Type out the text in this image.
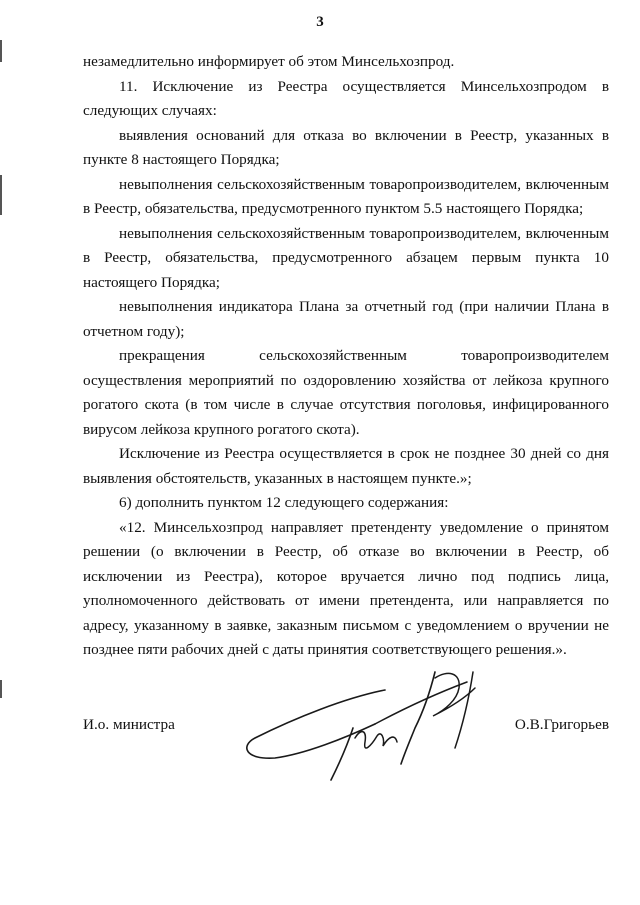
3

незамедлительно информирует об этом Минсельхозпрод.

11. Исключение из Реестра осуществляется Минсельхозпродом в следующих случаях:

выявления оснований для отказа во включении в Реестр, указанных в пункте 8 настоящего Порядка;

невыполнения сельскохозяйственным товаропроизводителем, включенным в Реестр, обязательства, предусмотренного пунктом 5.5 настоящего Порядка;

невыполнения сельскохозяйственным товаропроизводителем, включенным в Реестр, обязательства, предусмотренного абзацем первым пункта 10 настоящего Порядка;

невыполнения индикатора Плана за отчетный год (при наличии Плана в отчетном году);

прекращения сельскохозяйственным товаропроизводителем осуществления мероприятий по оздоровлению хозяйства от лейкоза крупного рогатого скота (в том числе в случае отсутствия поголовья, инфицированного вирусом лейкоза крупного рогатого скота).

Исключение из Реестра осуществляется в срок не позднее 30 дней со дня выявления обстоятельств, указанных в настоящем пункте.»;

6) дополнить пунктом 12 следующего содержания:

«12. Минсельхозпрод направляет претенденту уведомление о принятом решении (о включении в Реестр, об отказе во включении в Реестр, об исключении из Реестра), которое вручается лично под подпись лица, уполномоченного действовать от имени претендента, или направляется по адресу, указанному в заявке, заказным письмом с уведомлением о вручении не позднее пяти рабочих дней с даты принятия соответствующего решения.».

И.о. министра	О.В.Григорьев
